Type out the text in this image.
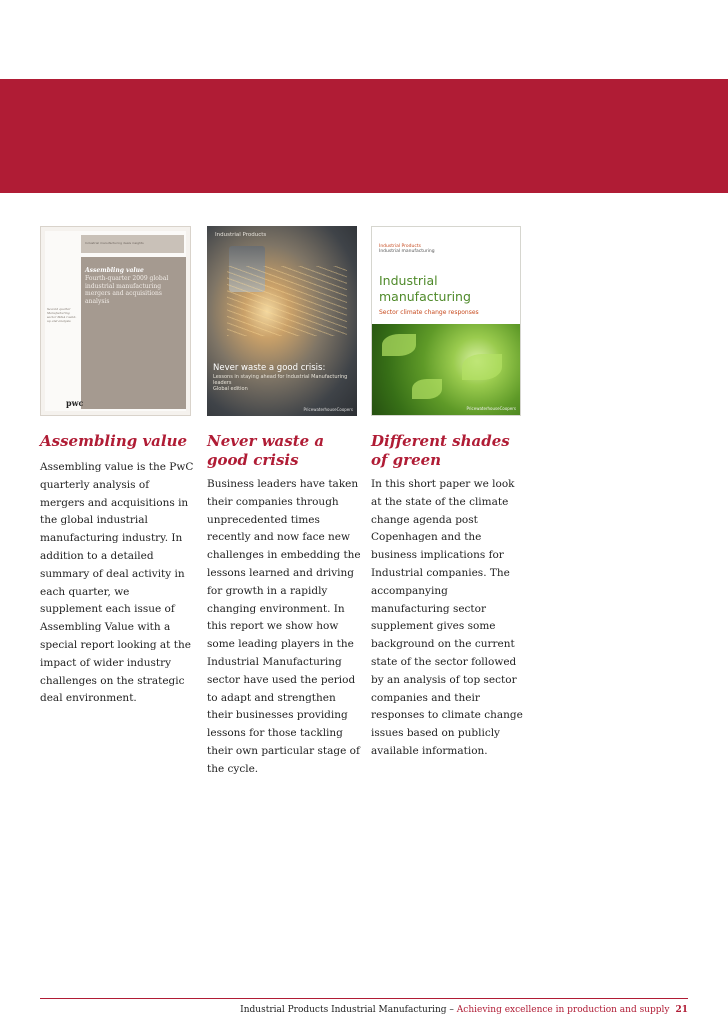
Industrial manufacturing deals insights
Assembling value
Fourth-quarter 2009 global industrial manufacturing mergers and acquisitions analysis
Second quarter Manufacturing sector M&A round-up and analysis
pwc
Industrial Products
Never waste a good crisis:
Lessons in staying ahead for Industrial Manufacturing leaders
Global edition
PricewaterhouseCoopers
Industrial Products
Industrial manufacturing
Industrial
manufacturing
Sector climate change responses
PricewaterhouseCoopers
Assembling value

Assembling value is the PwC quarterly analysis of mergers and acquisitions in the global industrial manufacturing industry. In addition to a detailed summary of deal activity in each quarter, we supplement each issue of Assembling Value with a special report looking at the impact of wider industry challenges on the strategic deal environment.

Never waste a good crisis

Business leaders have taken their companies through unprecedented times recently and now face new challenges in embedding the lessons learned and driving for growth in a rapidly changing environment. In this report we show how some leading players in the Industrial Manufacturing sector have used the period to adapt and strengthen their businesses providing lessons for those tackling their own particular stage of the cycle.

Different shades of green

In this short paper we look at the state of the climate change agenda post Copenhagen and the business implications for Industrial companies. The accompanying manufacturing sector supplement gives some background on the current state of the sector followed by an analysis of top sector companies and their responses to climate change issues based on publicly available information.

Industrial Products Industrial Manufacturing – Achieving excellence in production and supply 21
